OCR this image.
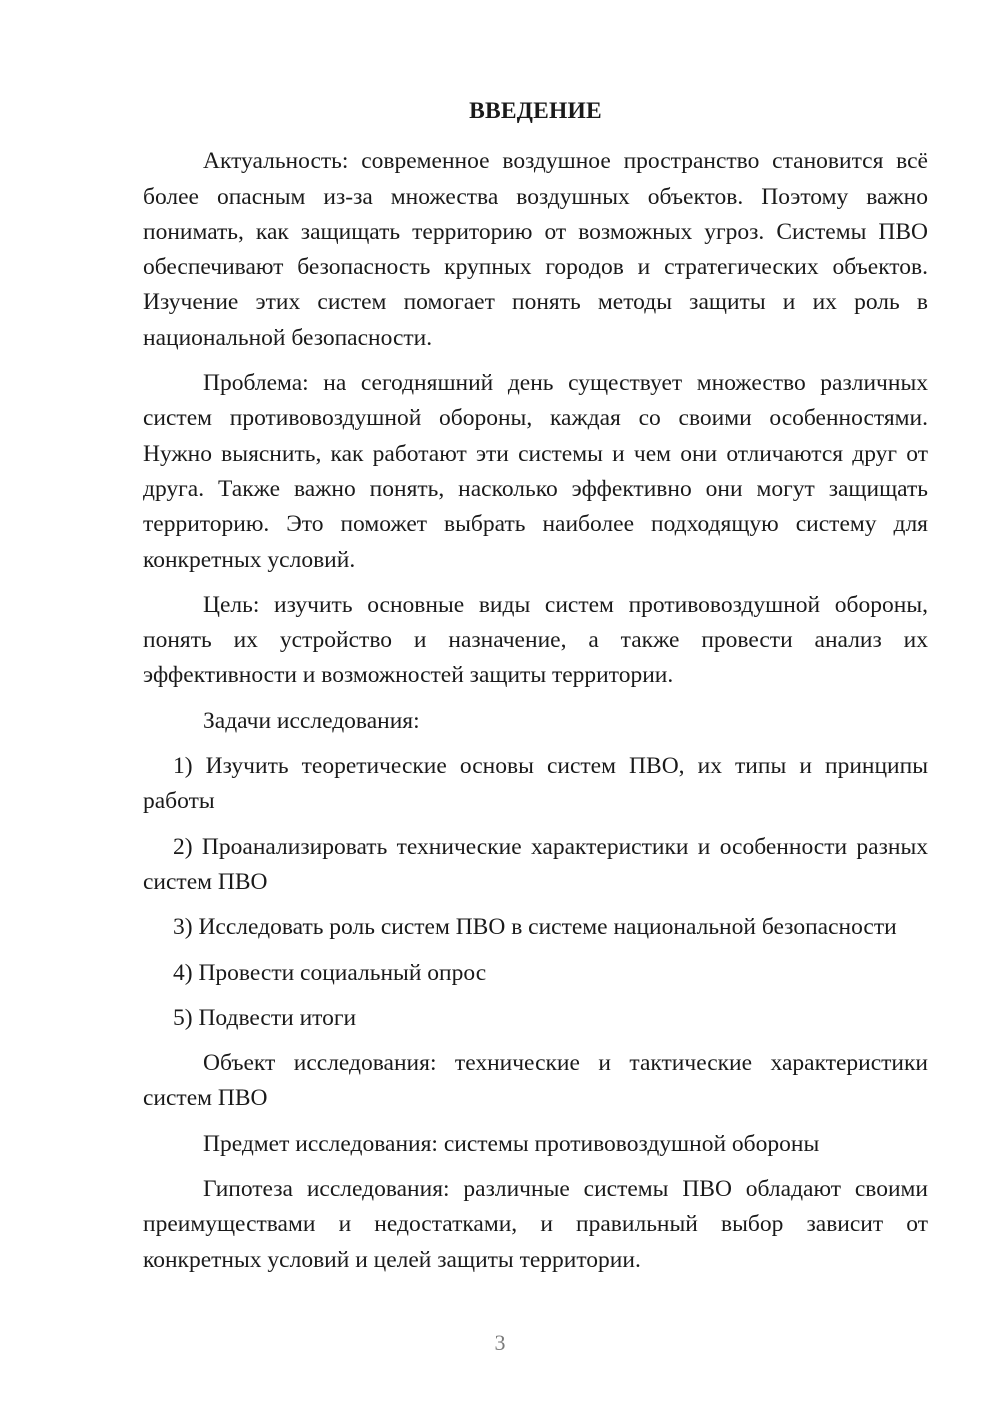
ВВЕДЕНИЕ

Актуальность: современное воздушное пространство становится всё более опасным из-за множества воздушных объектов. Поэтому важно понимать, как защищать территорию от возможных угроз. Системы ПВО обеспечивают безопасность крупных городов и стратегических объектов. Изучение этих систем помогает понять методы защиты и их роль в национальной безопасности.

Проблема: на сегодняшний день существует множество различных систем противовоздушной обороны, каждая со своими особенностями. Нужно выяснить, как работают эти системы и чем они отличаются друг от друга. Также важно понять, насколько эффективно они могут защищать территорию. Это поможет выбрать наиболее подходящую систему для конкретных условий.

Цель: изучить основные виды систем противовоздушной обороны, понять их устройство и назначение, а также провести анализ их эффективности и возможностей защиты территории.

Задачи исследования:

1) Изучить теоретические основы систем ПВО, их типы и принципы работы

2) Проанализировать технические характеристики и особенности разных систем ПВО

3) Исследовать роль систем ПВО в системе национальной безопасности

4) Провести социальный опрос

5) Подвести итоги

Объект исследования: технические и тактические характеристики систем ПВО

Предмет исследования: системы противовоздушной обороны

Гипотеза исследования: различные системы ПВО обладают своими преимуществами и недостатками, и правильный выбор зависит от конкретных условий и целей защиты территории.

3
